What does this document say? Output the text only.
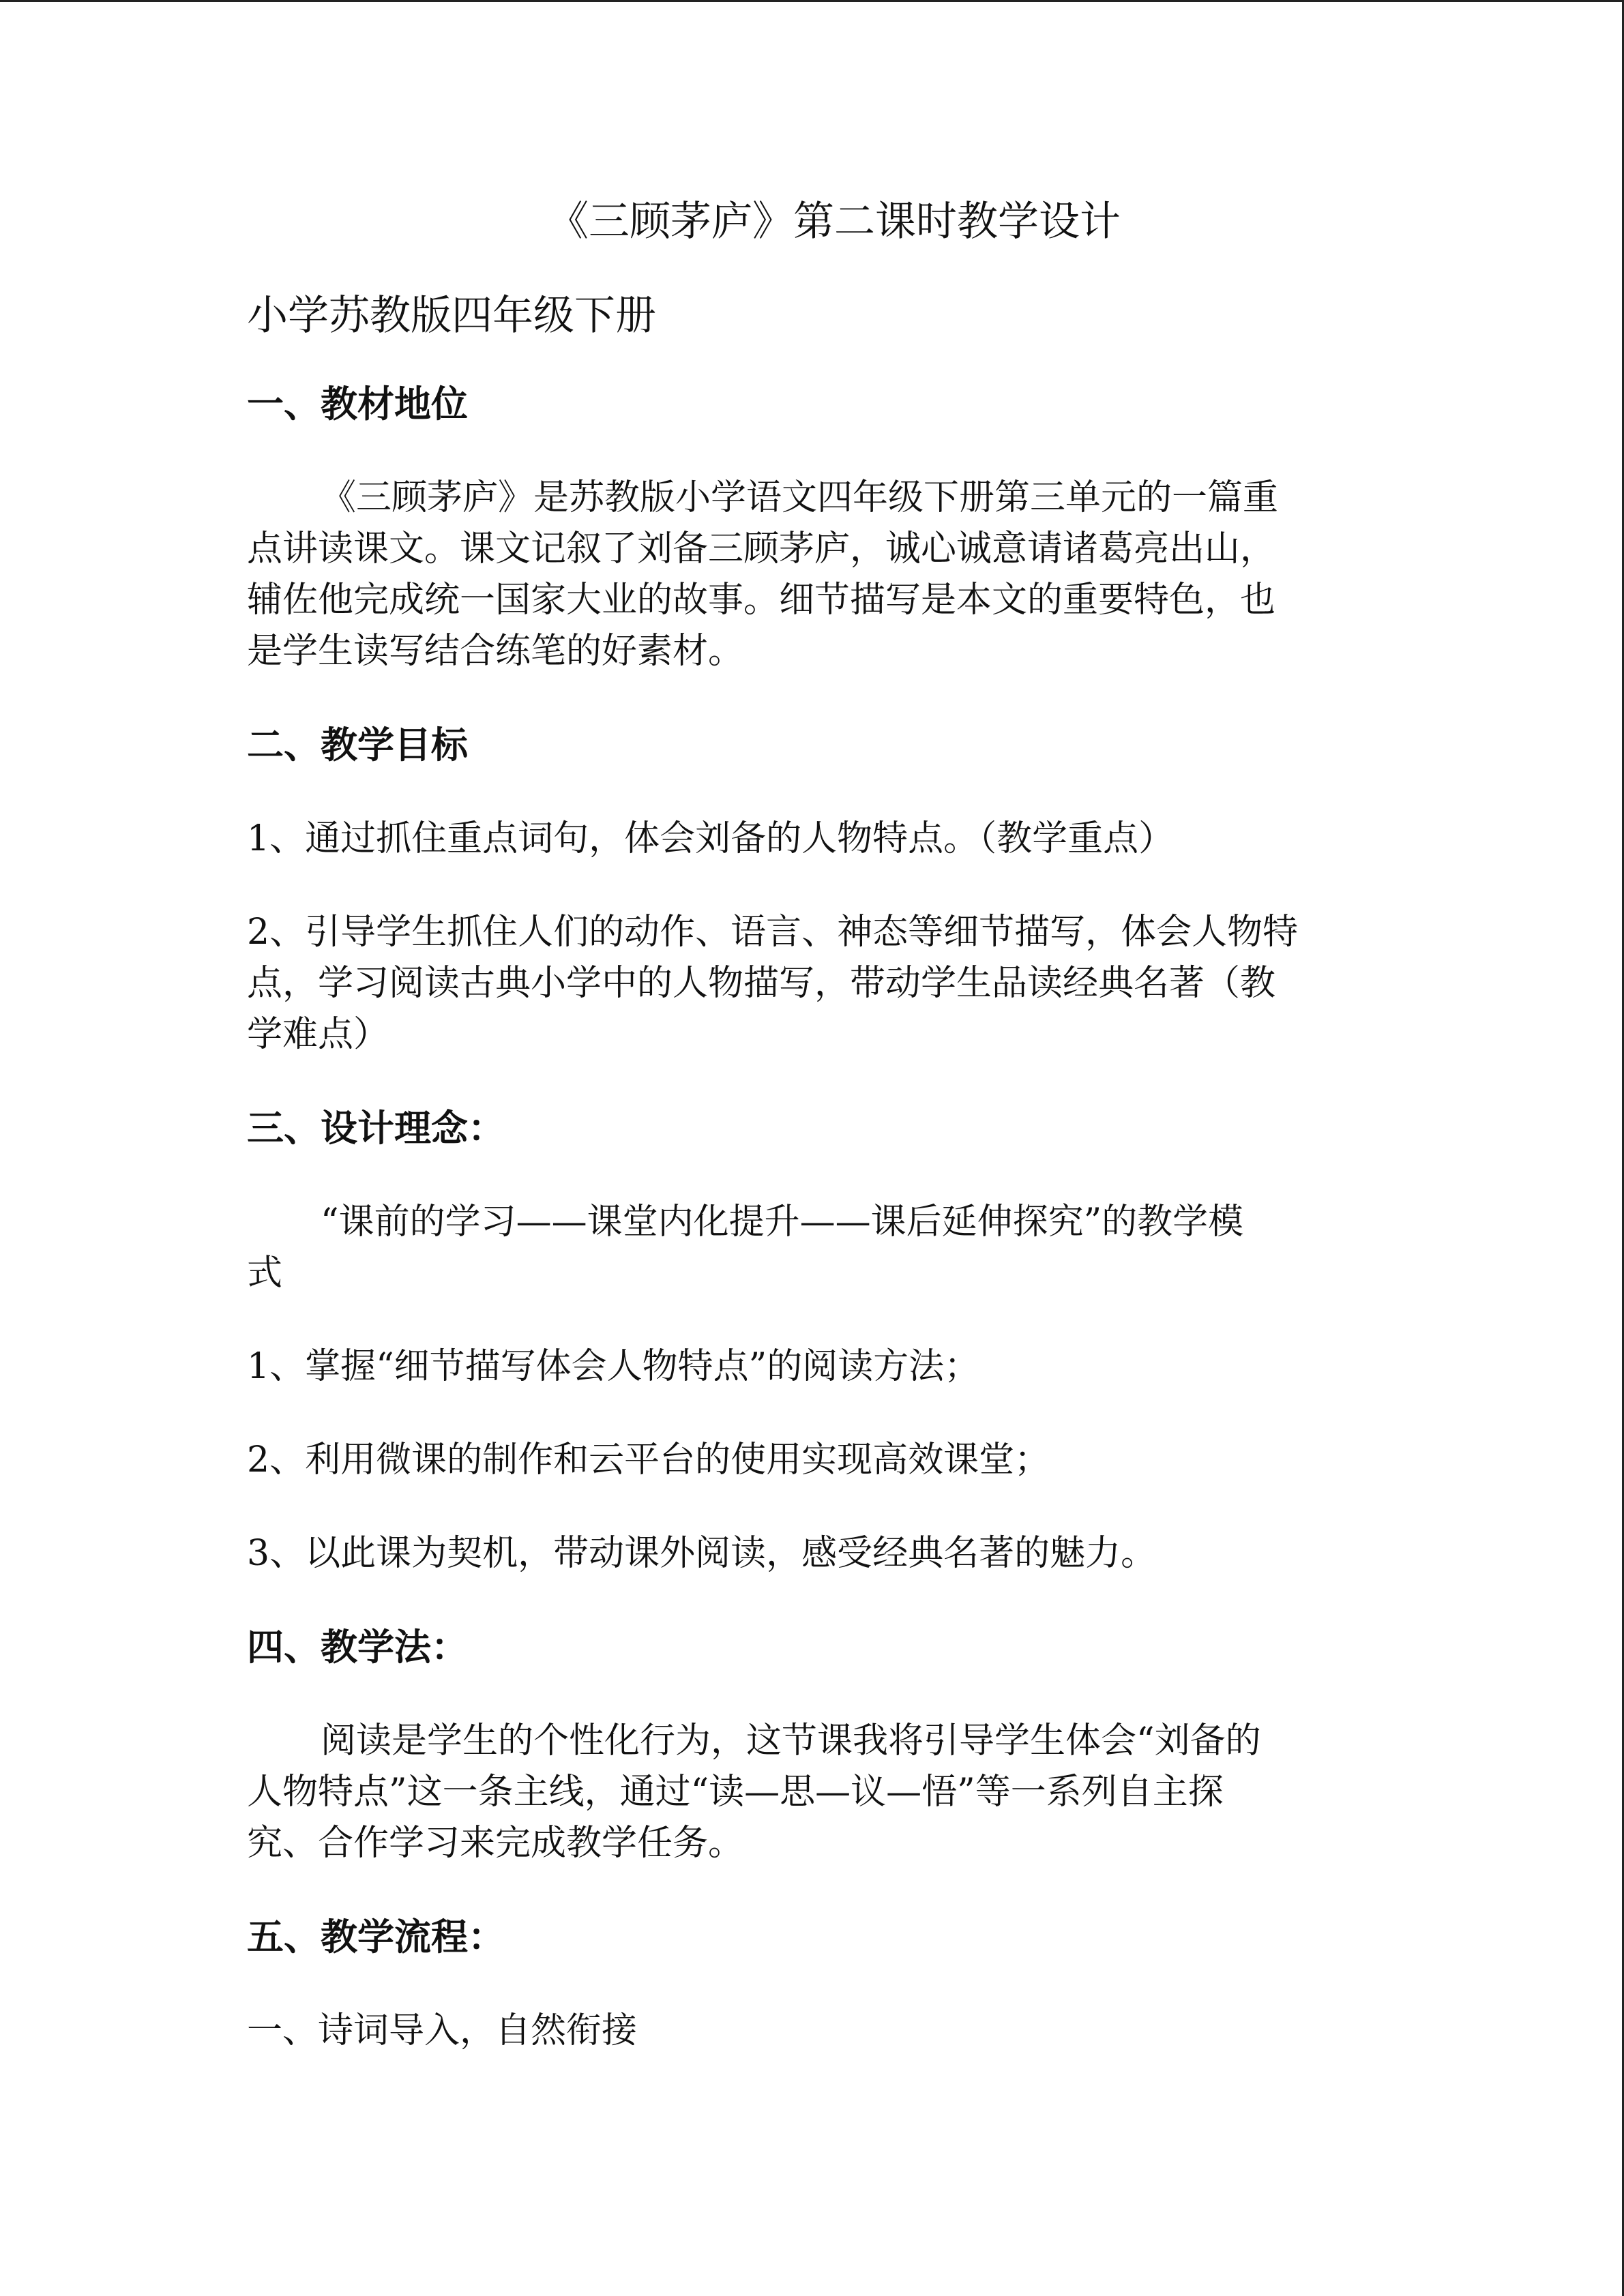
《三顾茅庐》第二课时教学设计
小学苏教版四年级下册
一、教材地位
《三顾茅庐》是苏教版小学语文四年级下册第三单元的一篇重
点讲读课文。课文记叙了刘备三顾茅庐，诚心诚意请诸葛亮出山，
辅佐他完成统一国家大业的故事。细节描写是本文的重要特色，也
是学生读写结合练笔的好素材。
二、教学目标
1、通过抓住重点词句，体会刘备的人物特点。（教学重点）
2、引导学生抓住人们的动作、语言、神态等细节描写，体会人物特
点，学习阅读古典小学中的人物描写，带动学生品读经典名著（教
学难点）
三、设计理念：
“课前的学习——课堂内化提升——课后延伸探究”的教学模
式
1、掌握“细节描写体会人物特点”的阅读方法；
2、利用微课的制作和云平台的使用实现高效课堂；
3、以此课为契机，带动课外阅读，感受经典名著的魅力。
四、教学法：
阅读是学生的个性化行为，这节课我将引导学生体会“刘备的
人物特点”这一条主线，通过“读—思—议—悟”等一系列自主探
究、合作学习来完成教学任务。
五、教学流程：
一、诗词导入，自然衔接
